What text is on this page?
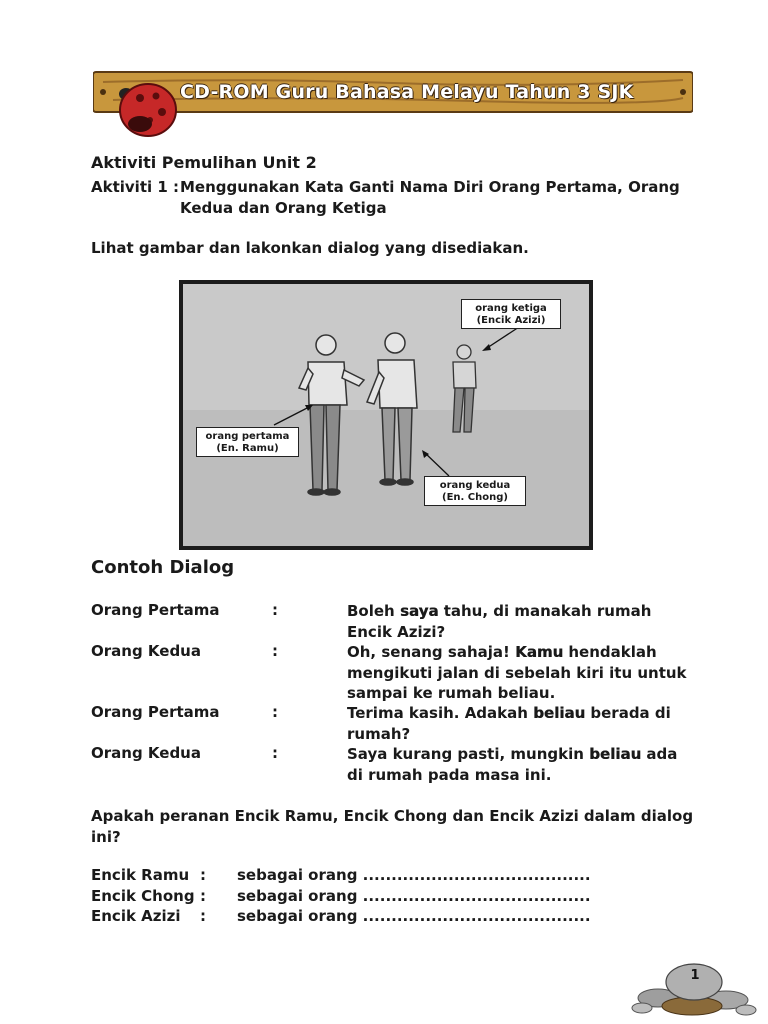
CD-ROM Guru Bahasa Melayu Tahun 3 SJK
Aktiviti Pemulihan Unit 2
Aktiviti 1 : Menggunakan Kata Ganti Nama Diri Orang Pertama, Orang Kedua dan Orang Ketiga
Lihat gambar dan lakonkan dialog yang disediakan.
orang ketiga
(Encik Azizi)
orang pertama
(En. Ramu)
orang kedua
(En. Chong)
Contoh Dialog
Orang Pertama	:	Boleh saya tahu, di manakah rumah Encik Azizi?
Orang Kedua	:	Oh, senang sahaja! Kamu hendaklah mengikuti jalan di sebelah kiri itu untuk sampai ke rumah beliau.
Orang Pertama	:	Terima kasih. Adakah beliau berada di rumah?
Orang Kedua	:	Saya kurang pasti, mungkin beliau ada di rumah pada masa ini.
Apakah peranan Encik Ramu, Encik Chong dan Encik Azizi dalam dialog ini?
Encik Ramu : sebagai orang ........................................
Encik Chong : sebagai orang ........................................
Encik Azizi : sebagai orang ........................................
1
